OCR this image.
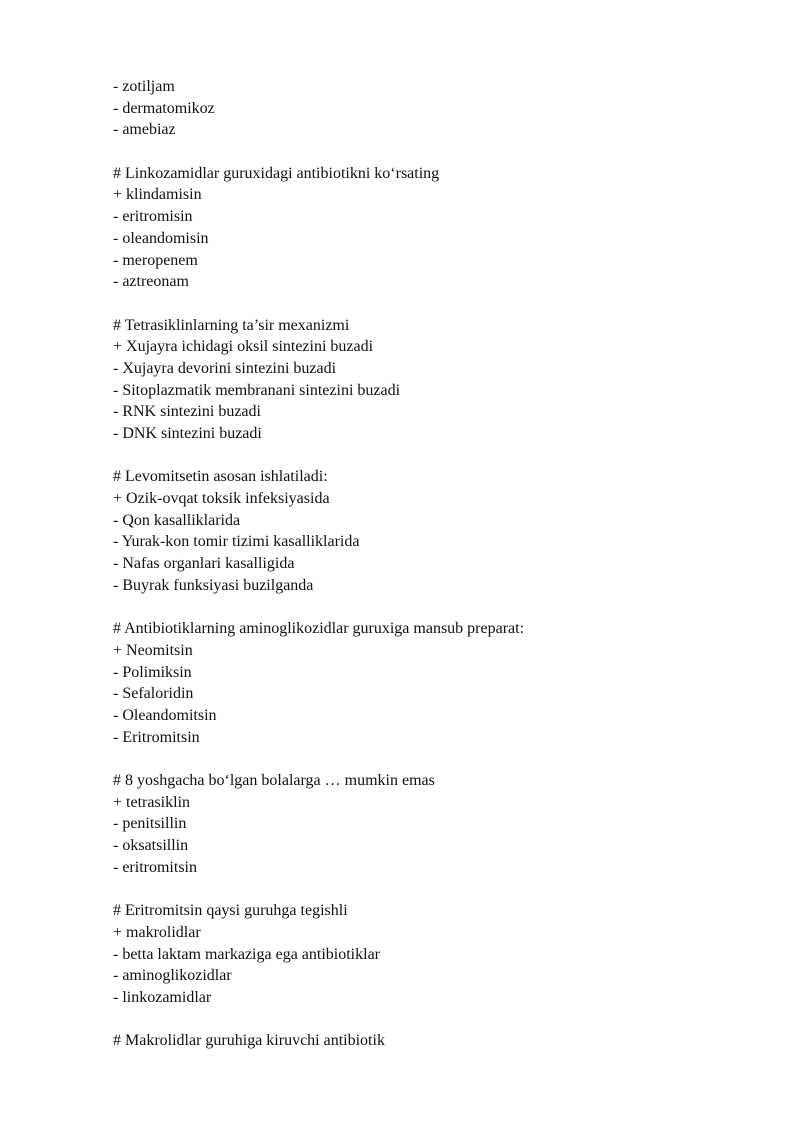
- zotiljam
- dermatomikoz
- amebiaz
# Linkozamidlar guruxidagi antibiotikni ko‘rsating
+ klindamisin
- eritromisin
- oleandomisin
- meropenem
- aztreonam
# Tetrasiklinlarning ta’sir mexanizmi
+ Xujayra ichidagi oksil sintezini buzadi
- Xujayra devorini sintezini buzadi
- Sitoplazmatik membranani sintezini buzadi
- RNK sintezini buzadi
- DNK sintezini buzadi
# Levomitsetin asosan ishlatiladi:
+ Ozik-ovqat toksik infeksiyasida
- Qon kasalliklarida
- Yurak-kon tomir tizimi kasalliklarida
- Nafas organlari kasalligida
- Buyrak funksiyasi buzilganda
# Antibiotiklarning aminoglikozidlar guruxiga mansub preparat:
+ Neomitsin
- Polimiksin
- Sefaloridin
- Oleandomitsin
- Eritromitsin
# 8 yoshgacha bo‘lgan bolalarga … mumkin emas
+ tetrasiklin
- penitsillin
- oksatsillin
- eritromitsin
# Eritromitsin qaysi guruhga tegishli
+ makrolidlar
- betta laktam markaziga ega antibiotiklar
- aminoglikozidlar
- linkozamidlar
# Makrolidlar guruhiga kiruvchi antibiotik
